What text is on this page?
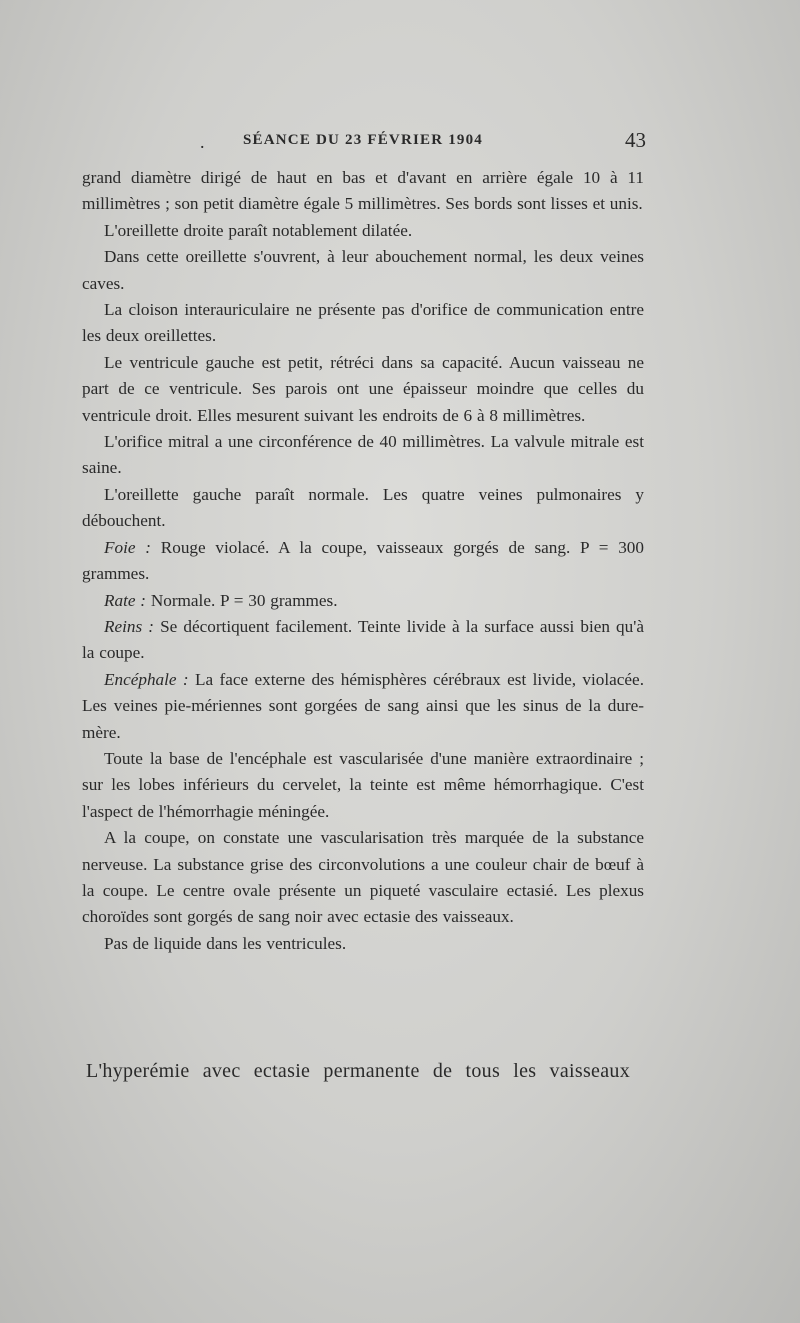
.	SÉANCE DU 23 FÉVRIER 1904	43

grand diamètre dirigé de haut en bas et d'avant en arrière égale 10 à 11 millimètres ; son petit diamètre égale 5 millimètres. Ses bords sont lisses et unis.

L'oreillette droite paraît notablement dilatée.

Dans cette oreillette s'ouvrent, à leur abouchement normal, les deux veines caves.

La cloison interauriculaire ne présente pas d'orifice de communication entre les deux oreillettes.

Le ventricule gauche est petit, rétréci dans sa capacité. Aucun vaisseau ne part de ce ventricule. Ses parois ont une épaisseur moindre que celles du ventricule droit. Elles mesurent suivant les endroits de 6 à 8 millimètres.

L'orifice mitral a une circonférence de 40 millimètres. La valvule mitrale est saine.

L'oreillette gauche paraît normale. Les quatre veines pulmonaires y débouchent.

Foie : Rouge violacé. A la coupe, vaisseaux gorgés de sang. P = 300 grammes.

Rate : Normale. P = 30 grammes.

Reins : Se décortiquent facilement. Teinte livide à la surface aussi bien qu'à la coupe.

Encéphale : La face externe des hémisphères cérébraux est livide, violacée. Les veines pie-mériennes sont gorgées de sang ainsi que les sinus de la dure-mère.

Toute la base de l'encéphale est vascularisée d'une manière extraordinaire ; sur les lobes inférieurs du cervelet, la teinte est même hémorrhagique. C'est l'aspect de l'hémorrhagie méningée.

A la coupe, on constate une vascularisation très marquée de la substance nerveuse. La substance grise des circonvolutions a une couleur chair de bœuf à la coupe. Le centre ovale présente un piqueté vasculaire ectasié. Les plexus choroïdes sont gorgés de sang noir avec ectasie des vaisseaux.

Pas de liquide dans les ventricules.

L'hyperémie avec ectasie permanente de tous les vaisseaux
